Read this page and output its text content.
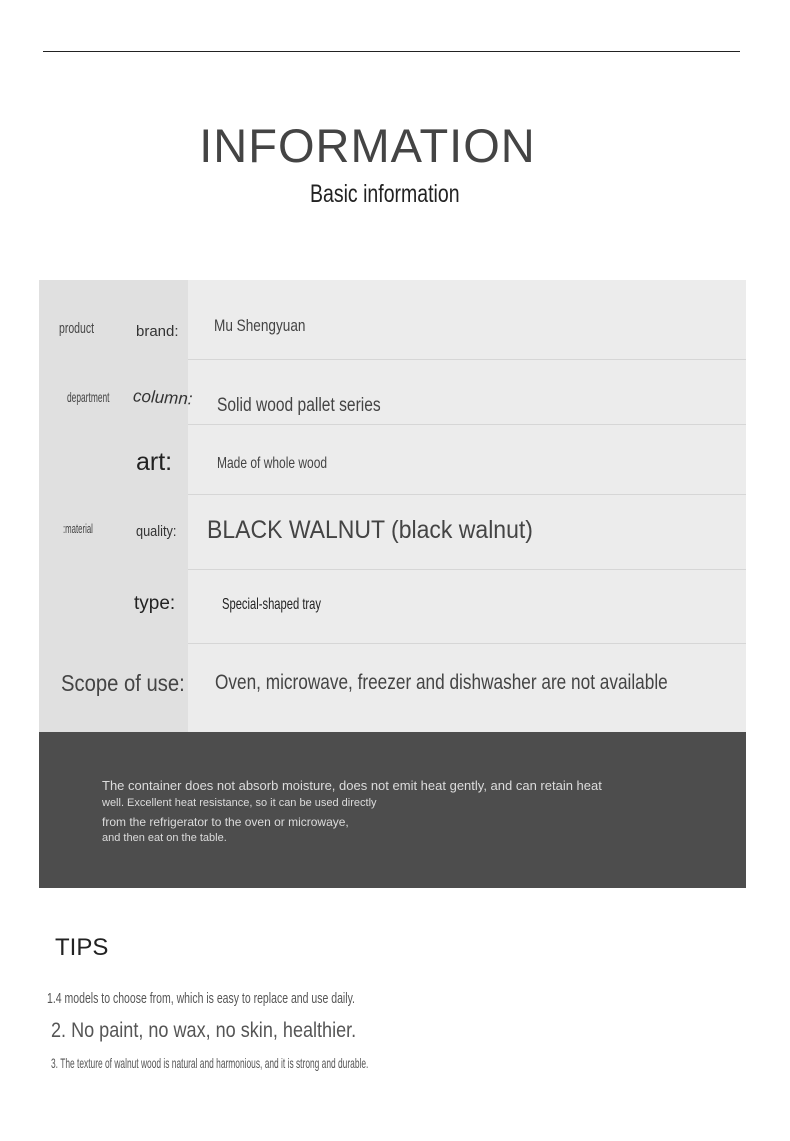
INFORMATION
Basic information
product	brand: Mu Shengyuan
department column: Solid wood pallet series
art:	Made of whole wood
:material	quality: BLACK WALNUT (black walnut)
type:	Special-shaped tray
Scope of use: Oven, microwave, freezer and dishwasher are not available
The container does not absorb moisture, does not emit heat gently, and can retain heat
well. Excellent heat resistance, so it can be used directly
from the refrigerator to the oven or microwaye,
and then eat on the table.
TIPS
1.4 models to choose from, which is easy to replace and use daily.
2. No paint, no wax, no skin, healthier.
3. The texture of walnut wood is natural and harmonious, and it is strong and durable.
